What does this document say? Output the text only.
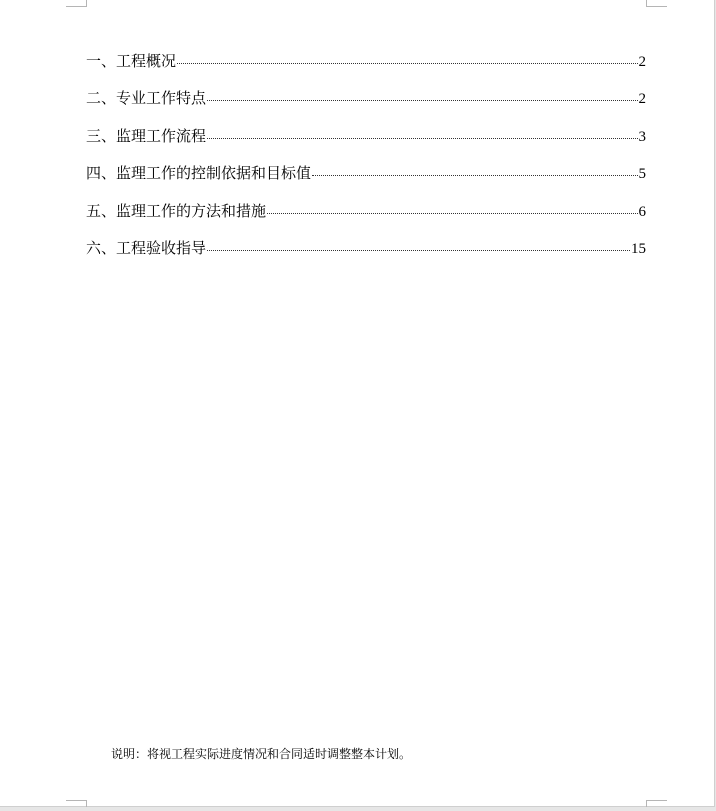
一、工程概况	2
二、专业工作特点	2
三、监理工作流程	3
四、监理工作的控制依据和目标值	5
五、监理工作的方法和措施	6
六、工程验收指导	15
说明：将视工程实际进度情况和合同适时调整整本计划。
